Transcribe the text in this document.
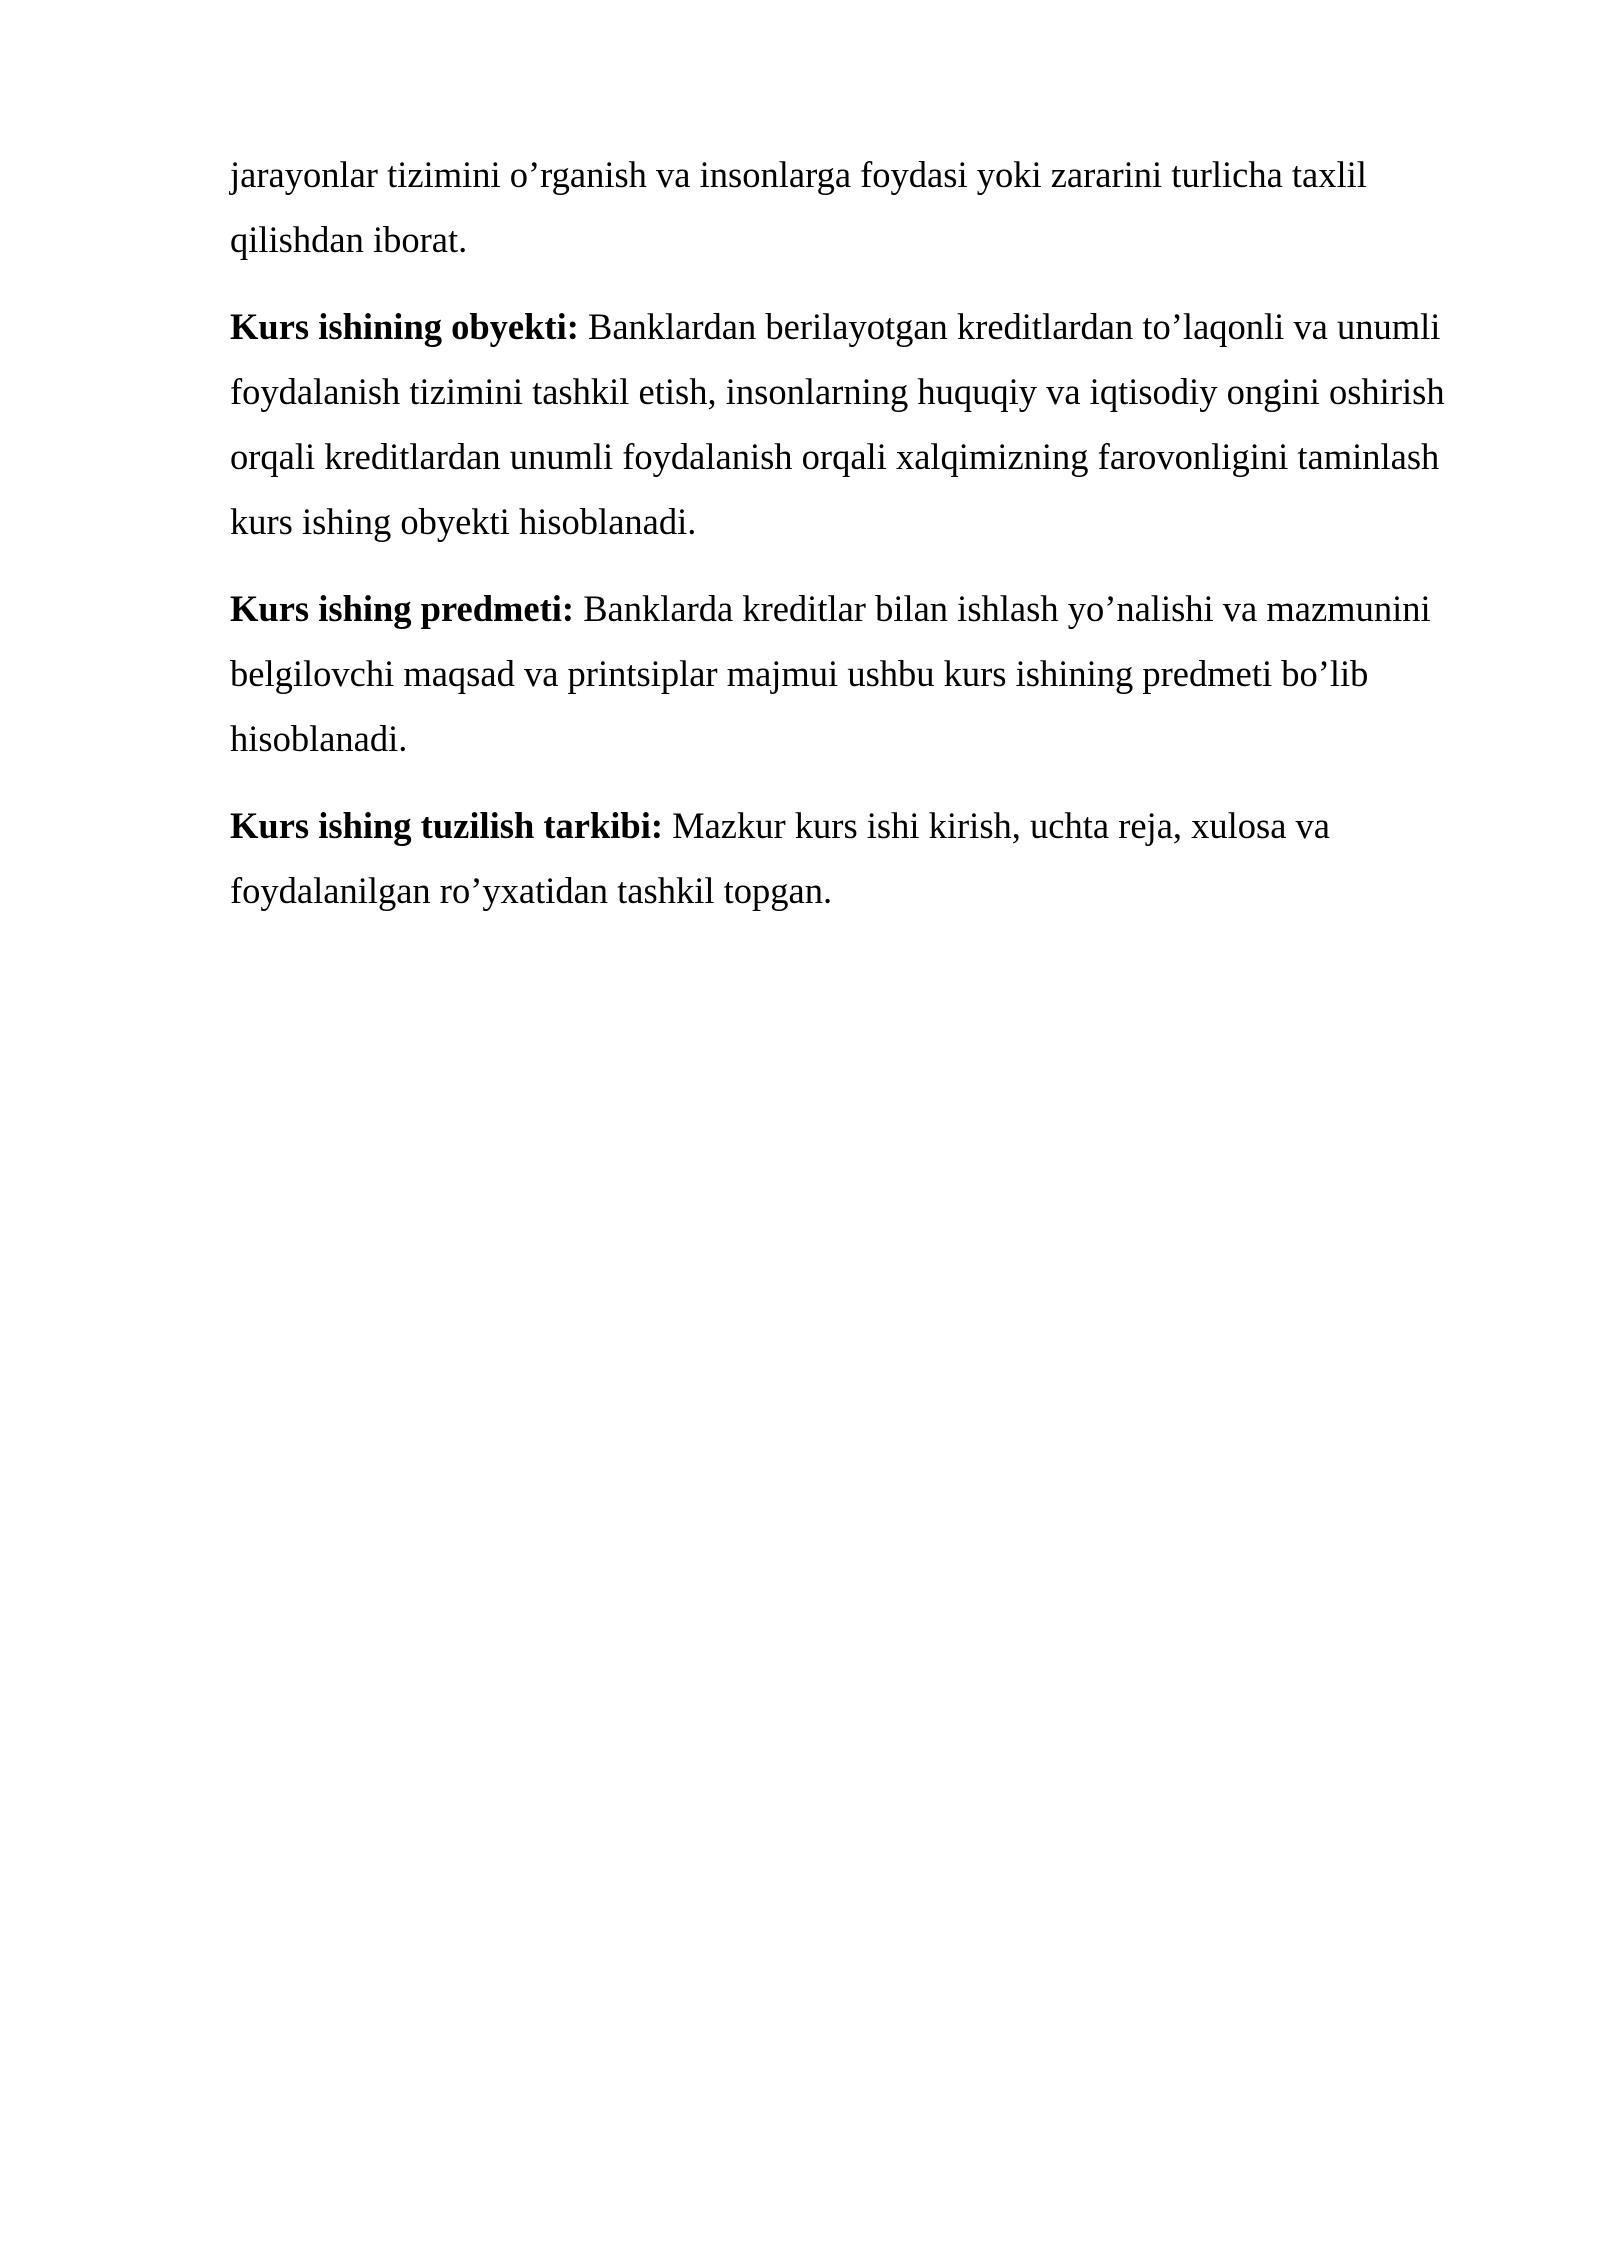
jarayonlar tizimini o’rganish va insonlarga foydasi yoki zararini turlicha taxlil
qilishdan iborat.

Kurs ishining obyekti: Banklardan berilayotgan kreditlardan to’laqonli va unumli
foydalanish tizimini tashkil etish, insonlarning huquqiy va iqtisodiy ongini oshirish
orqali kreditlardan unumli foydalanish orqali xalqimizning farovonligini taminlash
kurs ishing obyekti hisoblanadi.

Kurs ishing predmeti: Banklarda kreditlar bilan ishlash yo’nalishi va mazmunini
belgilovchi maqsad va printsiplar majmui ushbu kurs ishining predmeti bo’lib
hisoblanadi.

Kurs ishing tuzilish tarkibi: Mazkur kurs ishi kirish, uchta reja, xulosa va
foydalanilgan ro’yxatidan tashkil topgan.
